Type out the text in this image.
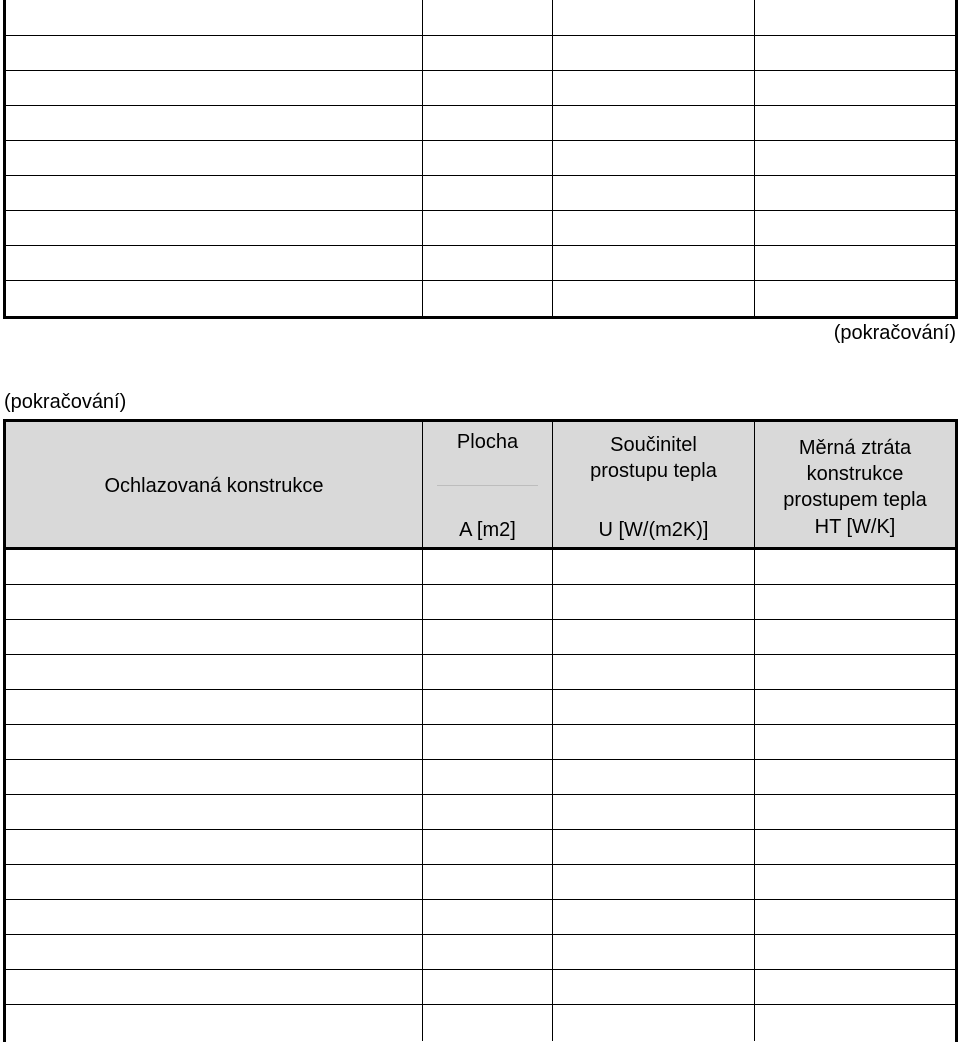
(pokračování)
(pokračování)
Ochlazovaná konstrukce
Plocha
A [m2]
Součinitel
prostupu tepla
U [W/(m2K)]
Měrná ztráta
konstrukce
prostupem tepla
HT [W/K]
